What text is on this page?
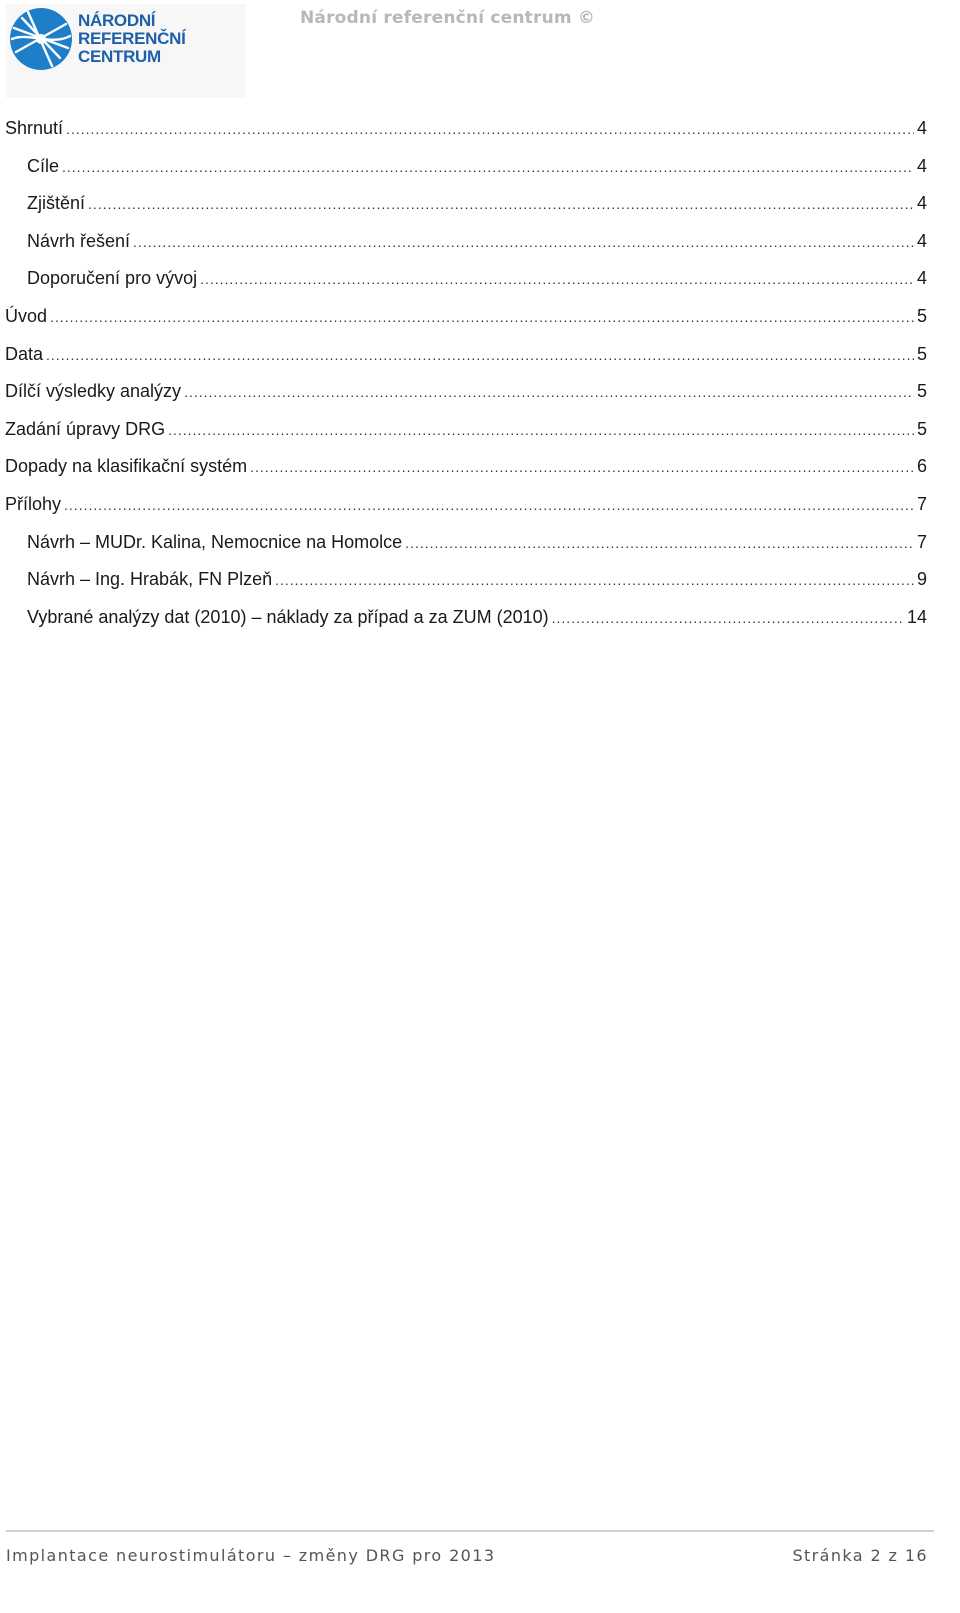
NÁRODNÍ
REFERENČNÍ
CENTRUM
Národní referenční centrum ©
Shrnutí .....	4
Cíle .....	4
Zjištění .....	4
Návrh řešení .....	4
Doporučení pro vývoj .....	4
Úvod .....	5
Data .....	5
Dílčí výsledky analýzy .....	5
Zadání úpravy DRG .....	5
Dopady na klasifikační systém .....	6
Přílohy .....	7
Návrh – MUDr. Kalina, Nemocnice na Homolce .....	7
Návrh – Ing. Hrabák, FN Plzeň .....	9
Vybrané analýzy dat (2010) – náklady za případ a za ZUM (2010) .....	14
Implantace neurostimulátoru – změny DRG pro 2013	Stránka 2 z 16
